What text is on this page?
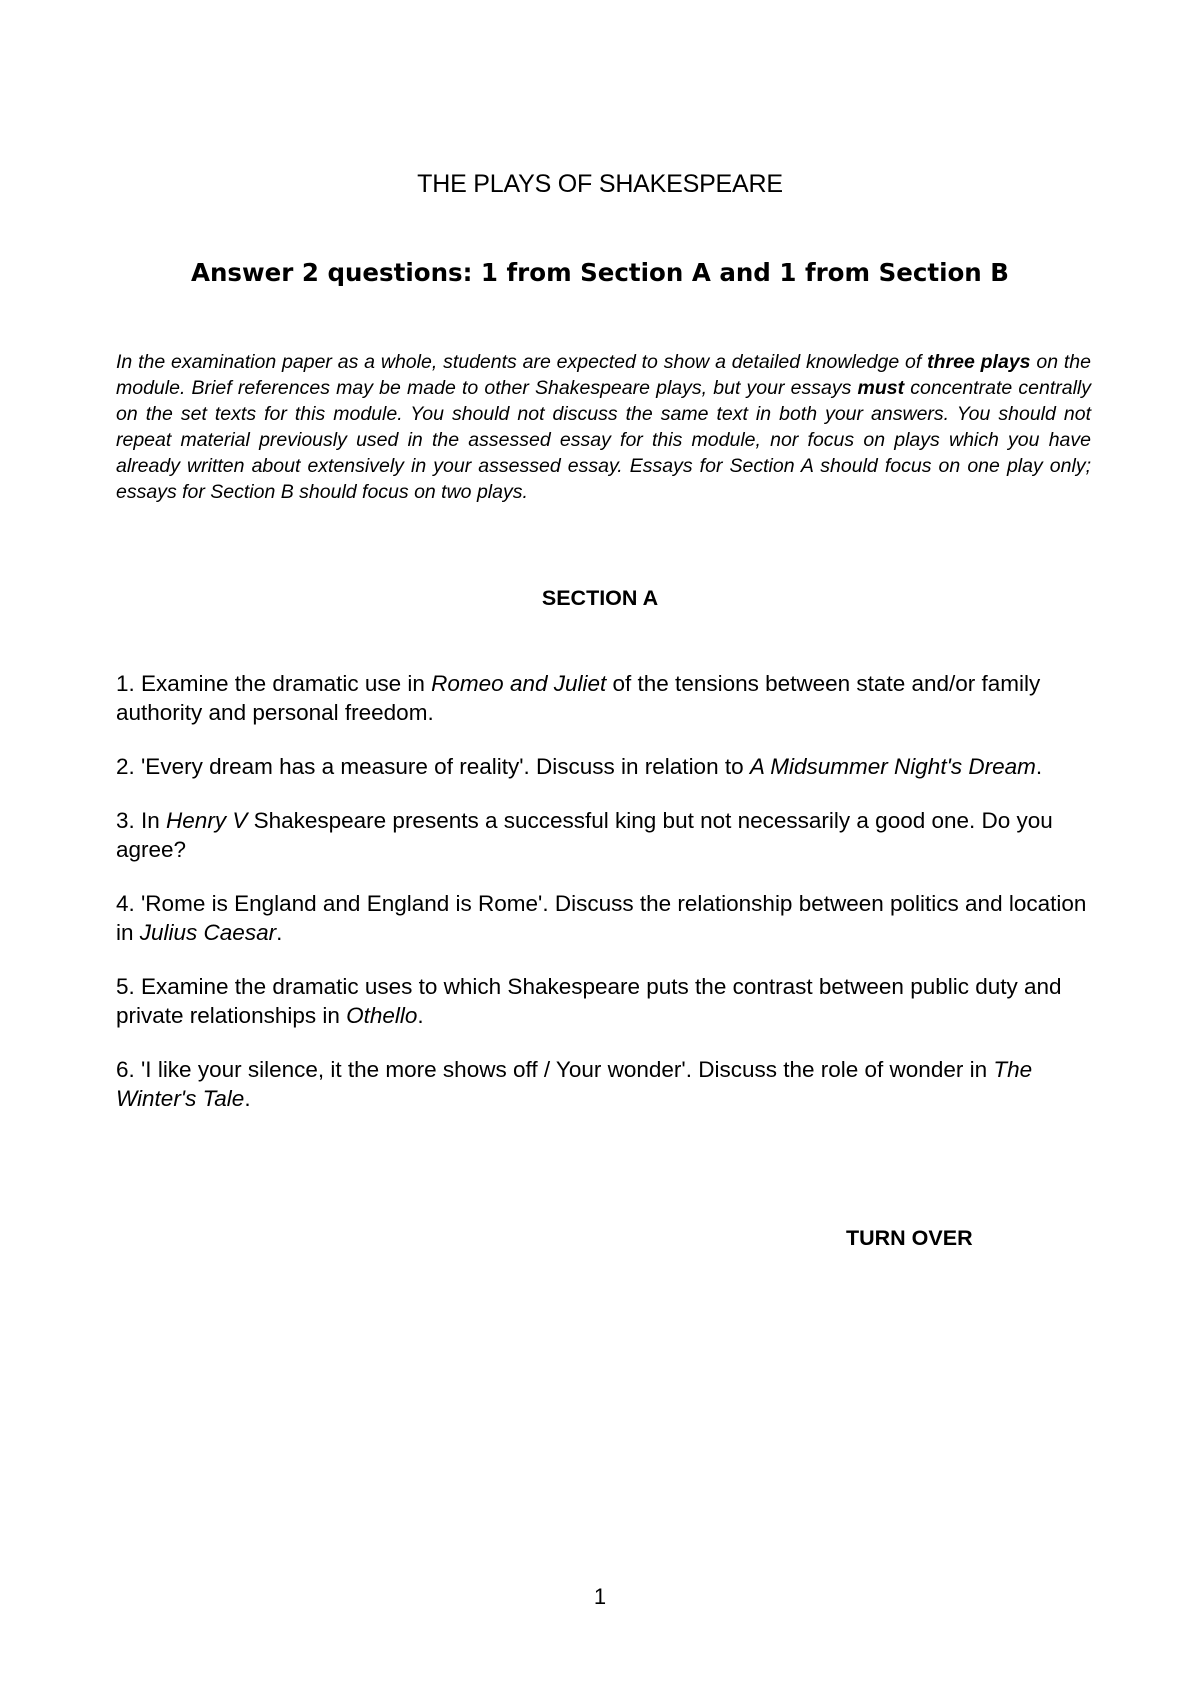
THE PLAYS OF SHAKESPEARE
Answer 2 questions: 1 from Section A and 1 from Section B
In the examination paper as a whole, students are expected to show a detailed knowledge of three plays on the module. Brief references may be made to other Shakespeare plays, but your essays must concentrate centrally on the set texts for this module. You should not discuss the same text in both your answers. You should not repeat material previously used in the assessed essay for this module, nor focus on plays which you have already written about extensively in your assessed essay. Essays for Section A should focus on one play only; essays for Section B should focus on two plays.
SECTION A
1. Examine the dramatic use in Romeo and Juliet of the tensions between state and/or family authority and personal freedom.
2. 'Every dream has a measure of reality'. Discuss in relation to A Midsummer Night's Dream.
3. In Henry V Shakespeare presents a successful king but not necessarily a good one. Do you agree?
4. 'Rome is England and England is Rome'. Discuss the relationship between politics and location in Julius Caesar.
5. Examine the dramatic uses to which Shakespeare puts the contrast between public duty and private relationships in Othello.
6. 'I like your silence, it the more shows off / Your wonder'. Discuss the role of wonder in The Winter's Tale.
TURN OVER
1
